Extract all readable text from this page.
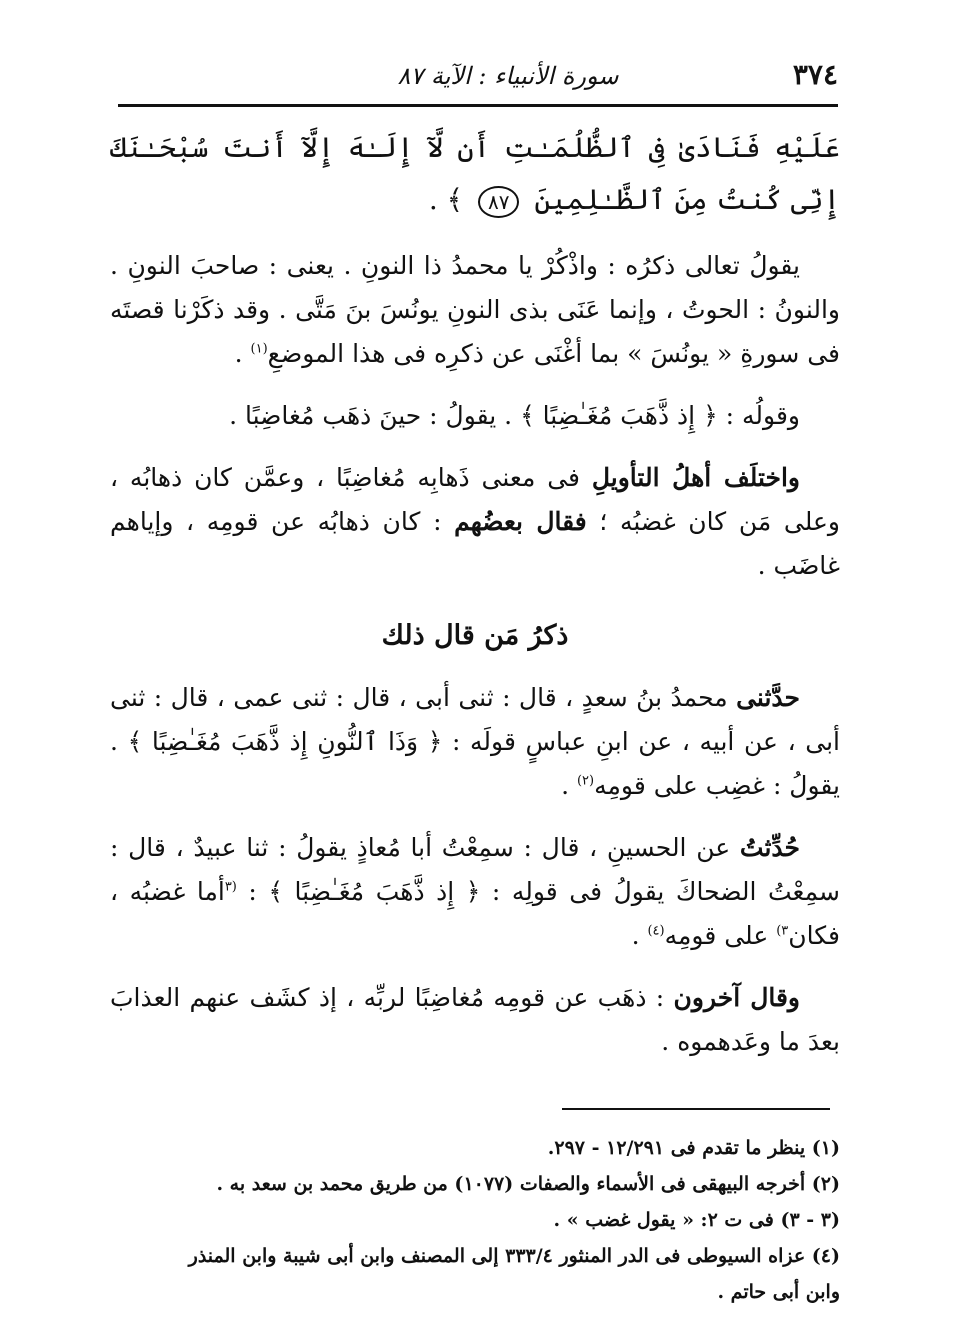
٣٧٤
سورة الأنبياء : الآية ٨٧

عَلَيْهِ فَنَادَىٰ فِى ٱلظُّلُمَـٰتِ أَن لَّآ إِلَـٰهَ إِلَّآ أَنتَ سُبْحَـٰنَكَ إِنِّى كُنتُ مِنَ ٱلظَّـٰلِمِينَ ٨٧ ﴾ .

يقولُ تعالى ذكرُه : واذْكُرْ يا محمدُ ذا النونِ . يعنى : صاحبَ النونِ . والنونُ : الحوتُ ، وإنما عَنَى بذى النونِ يونُسَ بنَ مَتَّى . وقد ذكَرْنا قصتَه فى سورةِ « يونُسَ » بما أغْنَى عن ذكرِه فى هذا الموضعِ$^{(١)}$ .

وقولُه : ﴿ إِذ ذَّهَبَ مُغَـٰضِبًا ﴾ . يقولُ : حينَ ذهَب مُغاضِبًا .

واختلَف أهلُ التأويلِ فى معنى ذَهابِه مُغاضِبًا ، وعمَّن كان ذهابُه ، وعلى مَن كان غضبُه ؛ فقال بعضُهم : كان ذهابُه عن قومِه ، وإياهم غاضَب .

ذكرُ مَن قال ذلك

حدَّثنى محمدُ بنُ سعدٍ ، قال : ثنى أبى ، قال : ثنى عمى ، قال : ثنى أبى ، عن أبيه ، عن ابنِ عباسٍ قولَه : ﴿ وَذَا ٱلنُّونِ إِذ ذَّهَبَ مُغَـٰضِبًا ﴾ . يقولُ : غضِب على قومِه$^{(٢)}$ .

حُدِّثتُ عن الحسينِ ، قال : سمِعْتُ أبا مُعاذٍ يقولُ : ثنا عبيدٌ ، قال : سمِعْتُ الضحاكَ يقولُ فى قولِه : ﴿ إِذ ذَّهَبَ مُغَـٰضِبًا ﴾ : $^{(٣}$أما غضبُه ، فكان$^{٣)}$ على قومِه$^{(٤)}$ .

وقال آخرون : ذهَب عن قومِه مُغاضِبًا لربِّه ، إذ كشَف عنهم العذابَ بعدَ ما وعَدهموه .

(١) ينظر ما تقدم فى ١٢/٢٩١ - ٢٩٧.

(٢) أخرجه البيهقى فى الأسماء والصفات (١٠٧٧) من طريق محمد بن سعد به .

(٣ - ٣) فى ت ٢: « يقول غضب » .

(٤) عزاه السيوطى فى الدر المنثور ٣٣٣/٤ إلى المصنف وابن أبى شيبة وابن المنذر وابن أبى حاتم .
